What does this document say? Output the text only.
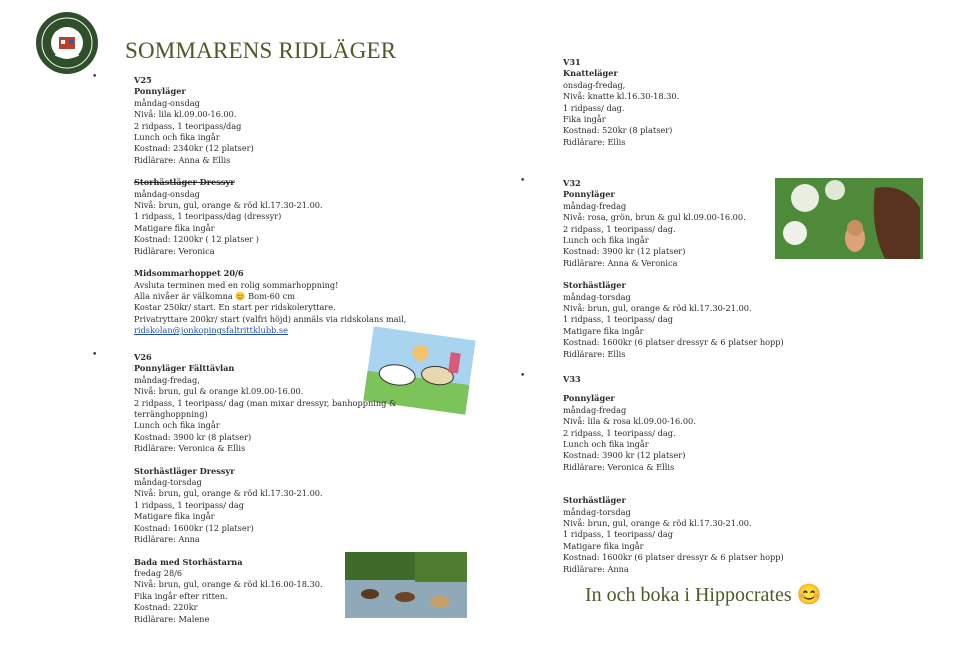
SOMMARENS RIDLÄGER
•	V25
Ponnyläger
måndag-onsdag
Nivå: lila kl.09.00-16.00.
2 ridpass, 1 teoripass/dag
Lunch och fika ingår
Kostnad: 2340kr (12 platser)
Ridlärare: Anna & Ellis
Storhästläger Dressyr
måndag-onsdag
Nivå: brun, gul, orange & röd kl.17.30-21.00.
1 ridpass, 1 teoripass/dag (dressyr)
Matigare fika ingår
Kostnad: 1200kr ( 12 platser )
Ridlärare: Veronica
Midsommarhoppet 20/6
Avsluta terminen med en rolig sommarhoppning!
Alla nivåer är välkomna 😊 Bom-60 cm
Kostar 250kr/ start. En start per ridskoleryttare.
Privatryttare 200kr/ start (valfri höjd) anmäls via ridskolans mail,
ridskolan@jonkopingsfaltrittklubb.se
•	V26
Ponnyläger Fälttävlan
måndag-fredag,
Nivå: brun, gul & orange kl.09.00-16.00.
2 ridpass, 1 teoripass/ dag (man mixar dressyr, banhoppning &
terränghoppning)
Lunch och fika ingår
Kostnad: 3900 kr (8 platser)
Ridlärare: Veronica & Ellis
Storhästläger Dressyr
måndag-torsdag
Nivå: brun, gul, orange & röd kl.17.30-21.00.
1 ridpass, 1 teoripass/ dag
Matigare fika ingår
Kostnad: 1600kr (12 platser)
Ridlärare: Anna
Bada med Storhästarna
fredag 28/6
Nivå: brun, gul, orange & röd kl.16.00-18.30.
Fika ingår efter ritten.
Kostnad: 220kr
Ridlärare: Malene
V31
Knatteläger
onsdag-fredag,
Nivå: knatte kl.16.30-18.30.
1 ridpass/ dag.
Fika ingår
Kostnad: 520kr (8 platser)
Ridlärare: Ellis
•	V32
Ponnyläger
måndag-fredag
Nivå: rosa, grön, brun & gul kl.09.00-16.00.
2 ridpass, 1 teoripass/ dag.
Lunch och fika ingår
Kostnad: 3900 kr (12 platser)
Ridlärare: Anna & Veronica
Storhästläger
måndag-torsdag
Nivå: brun, gul, orange & röd kl.17.30-21.00.
1 ridpass, 1 teoripass/ dag
Matigare fika ingår
Kostnad: 1600kr (6 platser dressyr & 6 platser hopp)
Ridlärare: Ellis
•	V33
Ponnyläger
måndag-fredag
Nivå: lila & rosa kl.09.00-16.00.
2 ridpass, 1 teoripass/ dag.
Lunch och fika ingår
Kostnad: 3900 kr (12 platser)
Ridlärare: Veronica & Ellis
Storhästläger
måndag-torsdag
Nivå: brun, gul, orange & röd kl.17.30-21.00.
1 ridpass, 1 teoripass/ dag
Matigare fika ingår
Kostnad: 1600kr (6 platser dressyr & 6 platser hopp)
Ridlärare: Anna
In och boka i Hippocrates 😊
